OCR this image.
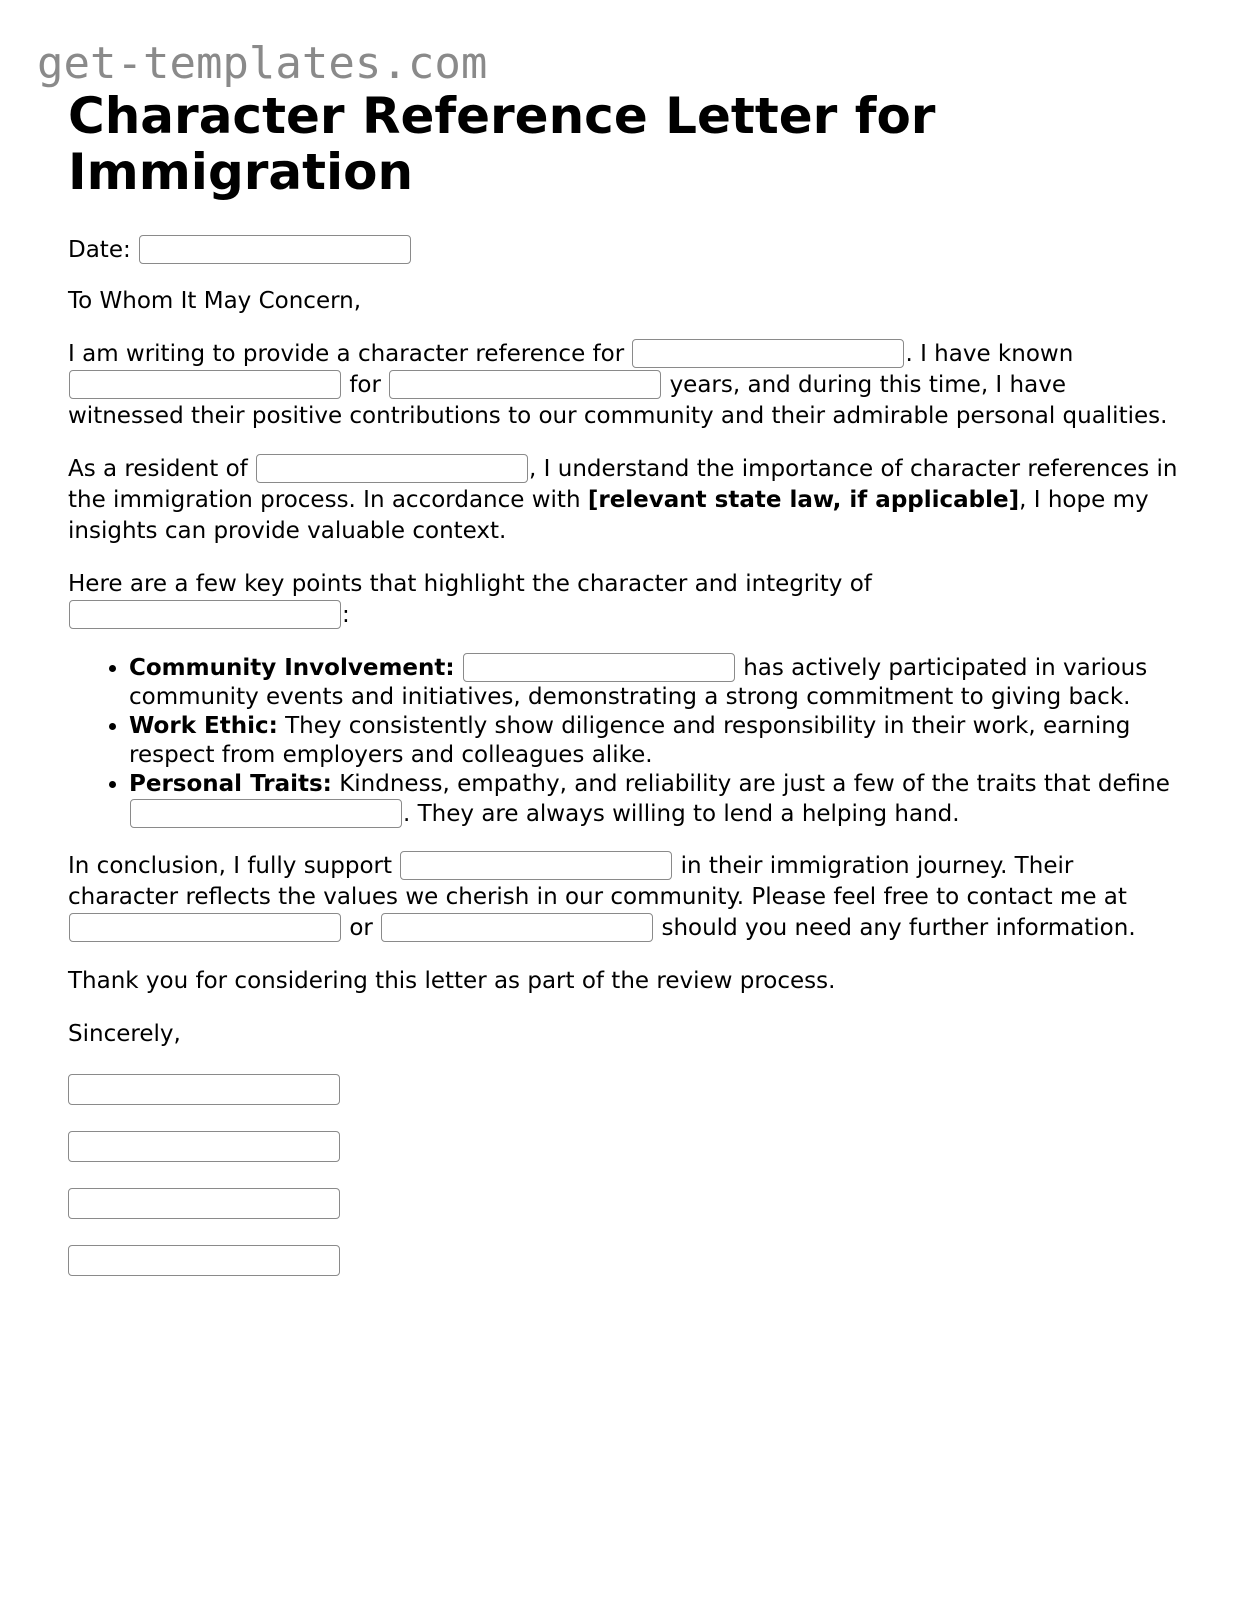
get-templates.com
Character Reference Letter for Immigration

Date:

To Whom It May Concern,

I am writing to provide a character reference for	. I have known  for	years, and during this time, I have witnessed their positive contributions to our community and their admirable personal qualities.

As a resident of	, I understand the importance of character references in the immigration process. In accordance with [relevant state law, if applicable], I hope my insights can provide valuable context.

Here are a few key points that highlight the character and integrity of
:

• Community Involvement:	has actively participated in various community events and initiatives, demonstrating a strong commitment to giving back.
• Work Ethic: They consistently show diligence and responsibility in their work, earning respect from employers and colleagues alike.
• Personal Traits: Kindness, empathy, and reliability are just a few of the traits that define . They are always willing to lend a helping hand.

In conclusion, I fully support	in their immigration journey. Their character reflects the values we cherish in our community. Please feel free to contact me at  or	should you need any further information.

Thank you for considering this letter as part of the review process.

Sincerely,
